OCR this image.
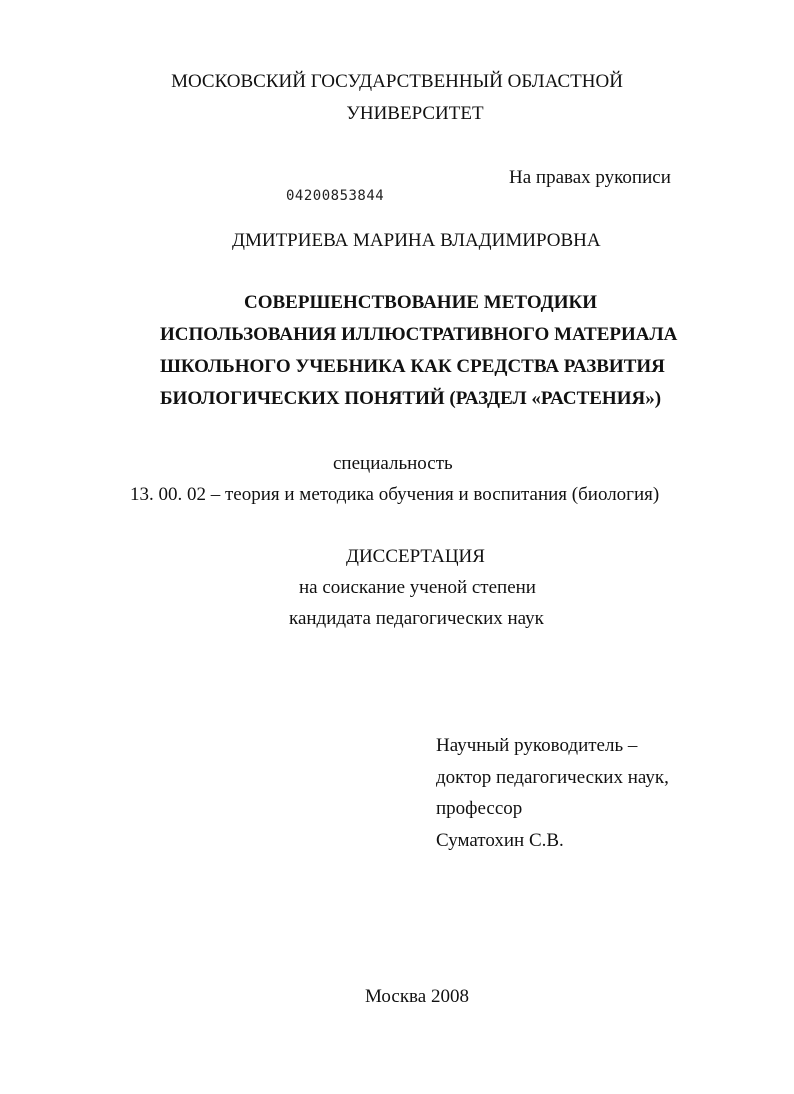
МОСКОВСКИЙ ГОСУДАРСТВЕННЫЙ ОБЛАСТНОЙ
УНИВЕРСИТЕТ
На правах рукописи
04200853844
ДМИТРИЕВА МАРИНА ВЛАДИМИРОВНА
СОВЕРШЕНСТВОВАНИЕ МЕТОДИКИ
ИСПОЛЬЗОВАНИЯ ИЛЛЮСТРАТИВНОГО МАТЕРИАЛА
ШКОЛЬНОГО УЧЕБНИКА КАК СРЕДСТВА РАЗВИТИЯ
БИОЛОГИЧЕСКИХ ПОНЯТИЙ (РАЗДЕЛ «РАСТЕНИЯ»)
специальность
13. 00. 02 – теория и методика обучения и воспитания (биология)
ДИССЕРТАЦИЯ
на соискание ученой степени
кандидата педагогических наук
Научный руководитель –
доктор педагогических наук,
профессор
Суматохин С.В.
Москва 2008
